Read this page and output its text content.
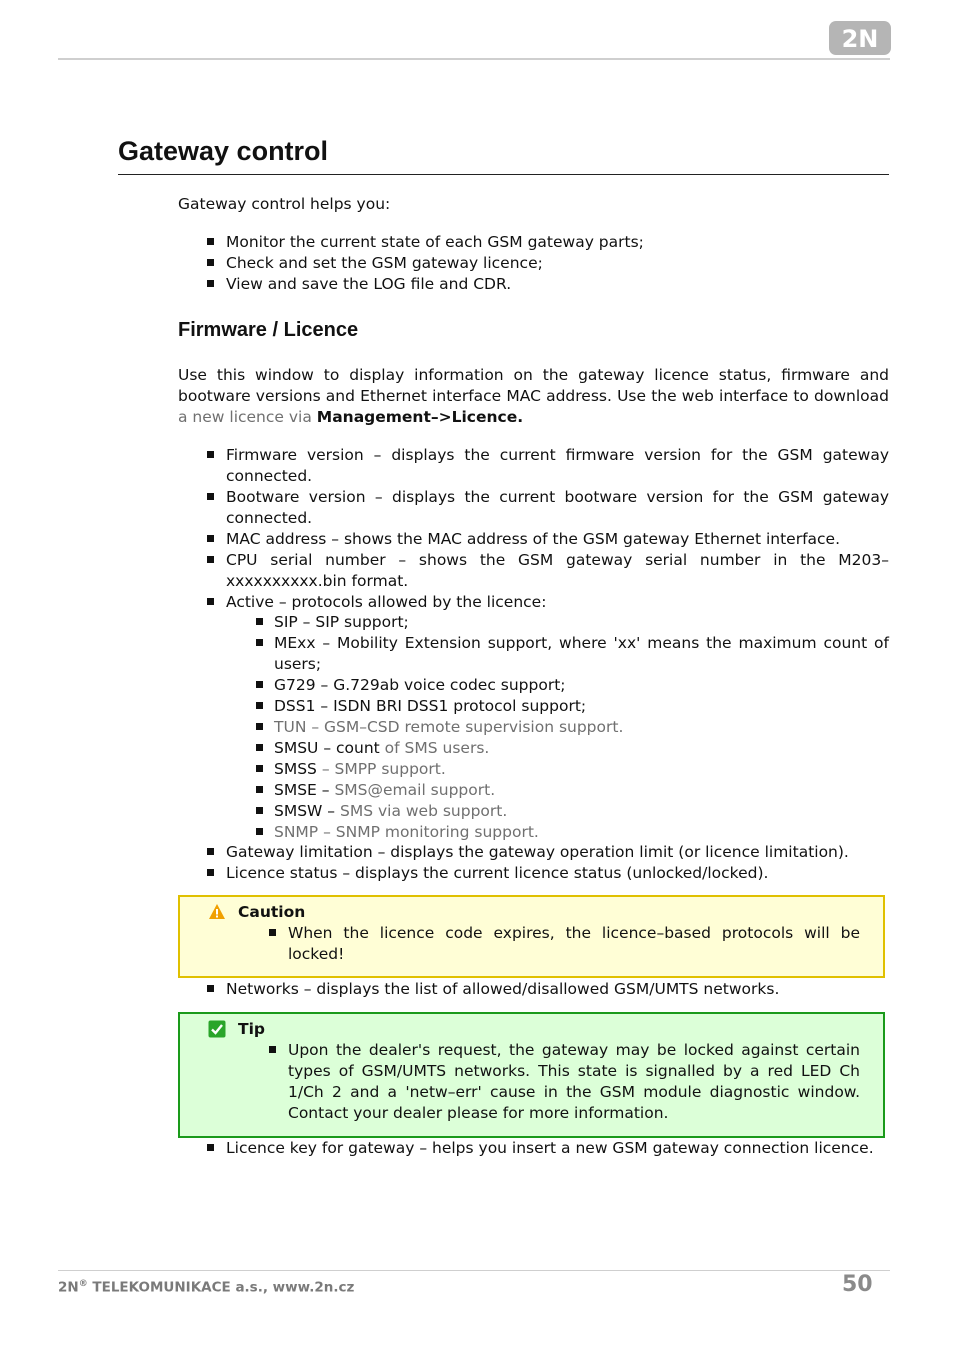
2N
Gateway control
Gateway control helps you:
Monitor the current state of each GSM gateway parts;
Check and set the GSM gateway licence;
View and save the LOG file and CDR.
Firmware / Licence
Use this window to display information on the gateway licence status, firmware and bootware versions and Ethernet interface MAC address. Use the web interface to download a new licence via Management–>Licence.
Firmware version – displays the current firmware version for the GSM gateway connected.
Bootware version – displays the current bootware version for the GSM gateway connected.
MAC address – shows the MAC address of the GSM gateway Ethernet interface.
CPU serial number – shows the GSM gateway serial number in the M203–xxxxxxxxxx.bin format.
Active – protocols allowed by the licence:
SIP – SIP support;
MExx – Mobility Extension support, where 'xx' means the maximum count of users;
G729 – G.729ab voice codec support;
DSS1 – ISDN BRI DSS1 protocol support;
TUN – GSM–CSD remote supervision support.
SMSU – count of SMS users.
SMSS – SMPP support.
SMSE – SMS@email support.
SMSW – SMS via web support.
SNMP – SNMP monitoring support.
Gateway limitation – displays the gateway operation limit (or licence limitation).
Licence status – displays the current licence status (unlocked/locked).
Caution
When the licence code expires, the licence–based protocols will be locked!
Networks – displays the list of allowed/disallowed GSM/UMTS networks.
Tip
Upon the dealer's request, the gateway may be locked against certain types of GSM/UMTS networks. This state is signalled by a red LED Ch 1/Ch 2 and a 'netw–err' cause in the GSM module diagnostic window. Contact your dealer please for more information.
Licence key for gateway – helps you insert a new GSM gateway connection licence.
2N® TELEKOMUNIKACE a.s., www.2n.cz	50
